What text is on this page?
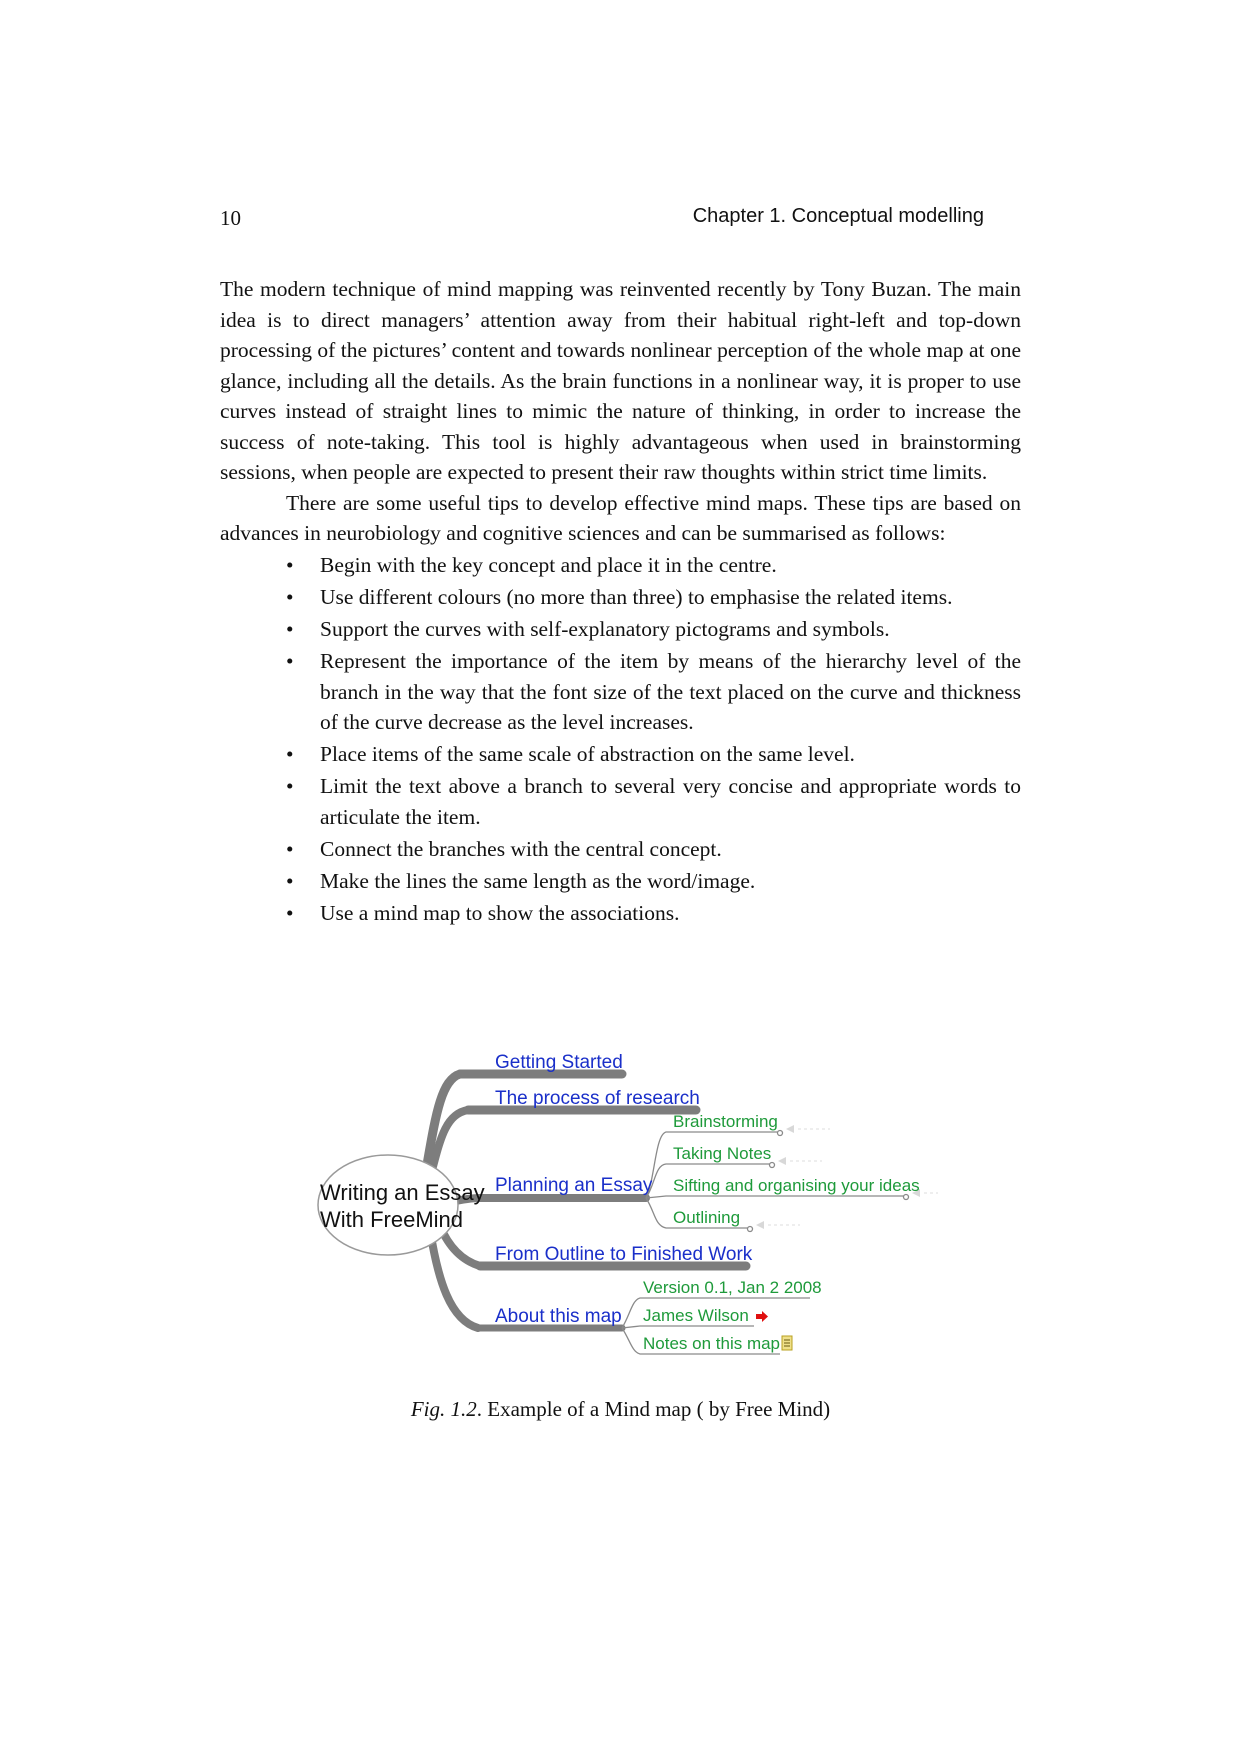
10	Chapter 1. Conceptual modelling

The modern technique of mind mapping was reinvented recently by Tony Buzan. The main idea is to direct managers’ attention away from their habitual right-left and top-down processing of the pictures’ content and towards nonlinear perception of the whole map at one glance, including all the details. As the brain functions in a nonlinear way, it is proper to use curves instead of straight lines to mimic the nature of thinking, in order to increase the success of note-taking. This tool is highly advantageous when used in brainstorming sessions, when people are expected to present their raw thoughts within strict time limits.

There are some useful tips to develop effective mind maps. These tips are based on advances in neurobiology and cognitive sciences and can be summarised as follows:

• Begin with the key concept and place it in the centre.
• Use different colours (no more than three) to emphasise the related items.
• Support the curves with self-explanatory pictograms and symbols.
• Represent the importance of the item by means of the hierarchy level of the branch in the way that the font size of the text placed on the curve and thickness of the curve decrease as the level increases.
• Place items of the same scale of abstraction on the same level.
• Limit the text above a branch to several very concise and appropriate words to articulate the item.
• Connect the branches with the central concept.
• Make the lines the same length as the word/image.
• Use a mind map to show the associations.
Writing an Essay
With FreeMind
Getting Started
The process of research
Planning an Essay
From Outline to Finished Work
About this map
Brainstorming
Taking Notes
Sifting and organising your ideas
Outlining
Version 0.1, Jan 2 2008
James Wilson
Notes on this map
Fig. 1.2. Example of a Mind map ( by Free Mind)
